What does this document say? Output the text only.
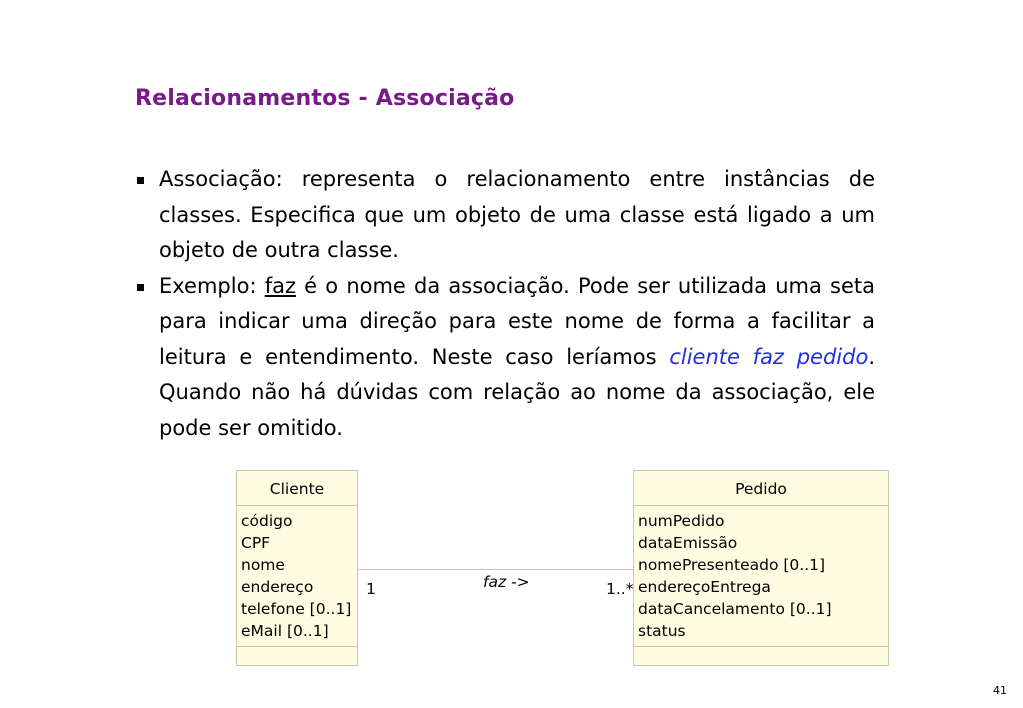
Relacionamentos - Associação
Associação: representa o relacionamento entre instâncias de classes. Especifica que um objeto de uma classe está ligado a um objeto de outra classe.
Exemplo: faz é o nome da associação. Pode ser utilizada uma seta para indicar uma direção para este nome de forma a facilitar a leitura e entendimento. Neste caso leríamos cliente faz pedido. Quando não há dúvidas com relação ao nome da associação, ele pode ser omitido.
Cliente
código
CPF
nome
endereço
telefone [0..1]
eMail [0..1]
Pedido
numPedido
dataEmissão
nomePresenteado [0..1]
endereçoEntrega
dataCancelamento [0..1]
status
faz ->
1	1..*
41
